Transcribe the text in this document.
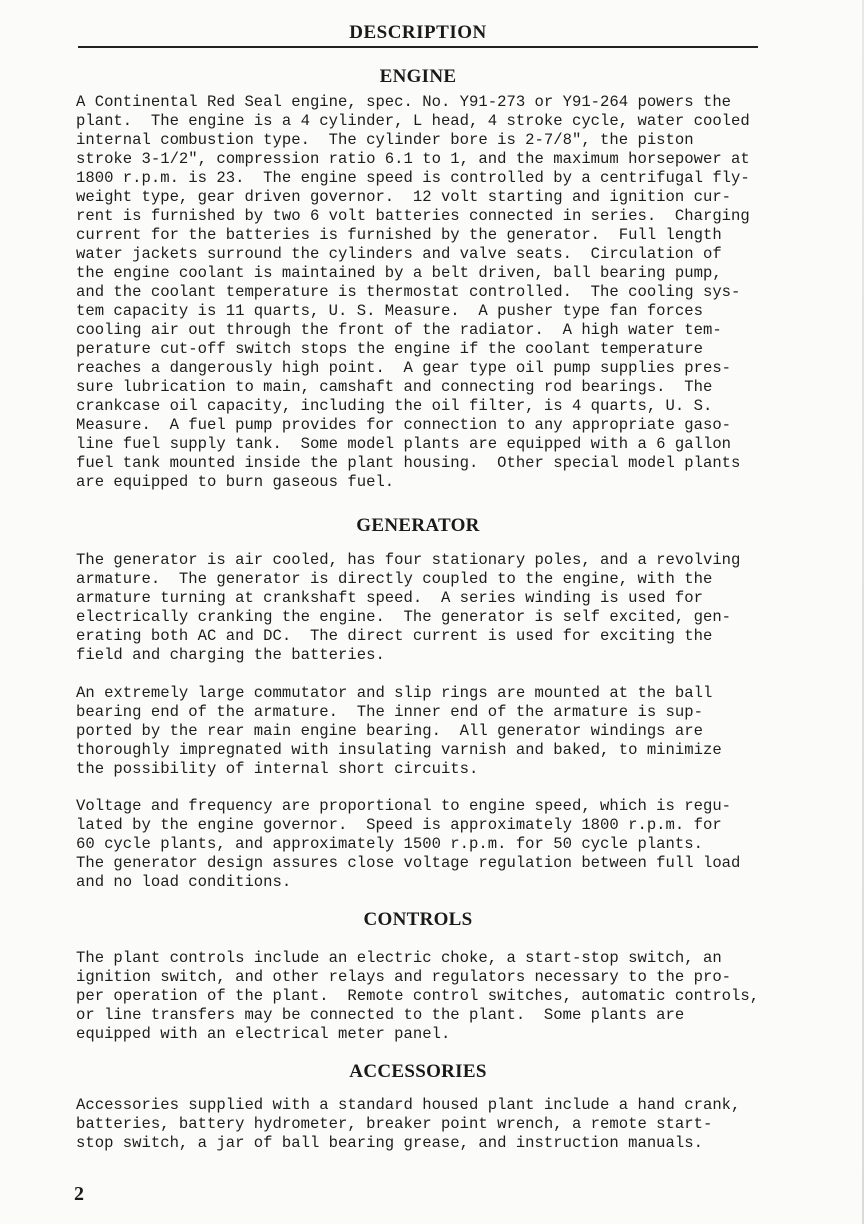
DESCRIPTION
ENGINE
A Continental Red Seal engine, spec. No. Y91-273 or Y91-264 powers the
plant.  The engine is a 4 cylinder, L head, 4 stroke cycle, water cooled
internal combustion type.  The cylinder bore is 2-7/8", the piston
stroke 3-1/2", compression ratio 6.1 to 1, and the maximum horsepower at
1800 r.p.m. is 23.  The engine speed is controlled by a centrifugal fly-
weight type, gear driven governor.  12 volt starting and ignition cur-
rent is furnished by two 6 volt batteries connected in series.  Charging
current for the batteries is furnished by the generator.  Full length
water jackets surround the cylinders and valve seats.  Circulation of
the engine coolant is maintained by a belt driven, ball bearing pump,
and the coolant temperature is thermostat controlled.  The cooling sys-
tem capacity is 11 quarts, U. S. Measure.  A pusher type fan forces
cooling air out through the front of the radiator.  A high water tem-
perature cut-off switch stops the engine if the coolant temperature
reaches a dangerously high point.  A gear type oil pump supplies pres-
sure lubrication to main, camshaft and connecting rod bearings.  The
crankcase oil capacity, including the oil filter, is 4 quarts, U. S.
Measure.  A fuel pump provides for connection to any appropriate gaso-
line fuel supply tank.  Some model plants are equipped with a 6 gallon
fuel tank mounted inside the plant housing.  Other special model plants
are equipped to burn gaseous fuel.
GENERATOR
The generator is air cooled, has four stationary poles, and a revolving
armature.  The generator is directly coupled to the engine, with the
armature turning at crankshaft speed.  A series winding is used for
electrically cranking the engine.  The generator is self excited, gen-
erating both AC and DC.  The direct current is used for exciting the
field and charging the batteries.
An extremely large commutator and slip rings are mounted at the ball
bearing end of the armature.  The inner end of the armature is sup-
ported by the rear main engine bearing.  All generator windings are
thoroughly impregnated with insulating varnish and baked, to minimize
the possibility of internal short circuits.
Voltage and frequency are proportional to engine speed, which is regu-
lated by the engine governor.  Speed is approximately 1800 r.p.m. for
60 cycle plants, and approximately 1500 r.p.m. for 50 cycle plants.
The generator design assures close voltage regulation between full load
and no load conditions.
CONTROLS
The plant controls include an electric choke, a start-stop switch, an
ignition switch, and other relays and regulators necessary to the pro-
per operation of the plant.  Remote control switches, automatic controls,
or line transfers may be connected to the plant.  Some plants are
equipped with an electrical meter panel.
ACCESSORIES
Accessories supplied with a standard housed plant include a hand crank,
batteries, battery hydrometer, breaker point wrench, a remote start-
stop switch, a jar of ball bearing grease, and instruction manuals.
2
